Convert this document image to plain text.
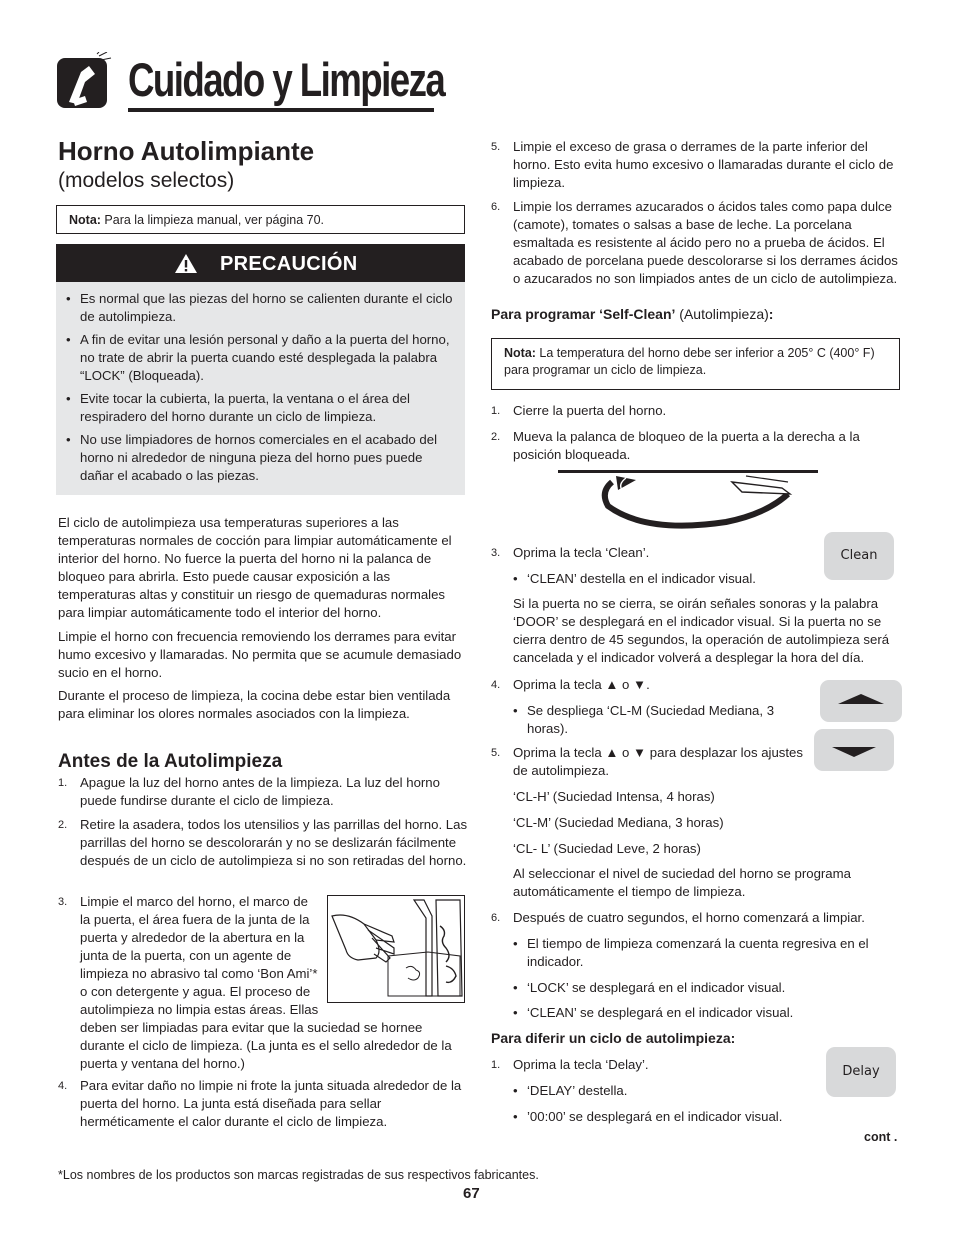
Cuidado y Limpieza
Horno Autolimpiante
(modelos selectos)
Nota: Para la limpieza manual, ver página 70.
PRECAUCIÓN
• Es normal que las piezas del horno se calienten durante el ciclo de autolimpieza.
• A fin de evitar una lesión personal y daño a la puerta del horno, no trate de abrir la puerta cuando esté desplegada la palabra “LOCK” (Bloqueada).
• Evite tocar la cubierta, la puerta, la ventana o el área del respiradero del horno durante un ciclo de limpieza.
• No use limpiadores de hornos comerciales en el acabado del horno ni alrededor de ninguna pieza del horno pues puede dañar el acabado o las piezas.
El ciclo de autolimpieza usa temperaturas superiores a las temperaturas normales de cocción para limpiar automáticamente el interior del horno. No fuerce la puerta del horno ni la palanca de bloqueo para abrirla. Esto puede causar exposición a las temperaturas altas y constituir un riesgo de quemaduras normales para limpiar automáticamente todo el interior del horno.
Limpie el horno con frecuencia removiendo los derrames para evitar humo excesivo y llamaradas. No permita que se acumule demasiado sucio en el horno.
Durante el proceso de limpieza, la cocina debe estar bien ventilada para eliminar los olores normales asociados con la limpieza.
Antes de la Autolimpieza
1. Apague la luz del horno antes de la limpieza. La luz del horno puede fundirse durante el ciclo de limpieza.
2. Retire la asadera, todos los utensilios y las parrillas del horno. Las parrillas del horno se descolorarán y no se deslizarán fácilmente después de un ciclo de autolimpieza si no son retiradas del horno.
3. Limpie el marco del horno, el marco de la puerta, el área fuera de la junta de la puerta y alrededor de la abertura en la junta de la puerta, con un agente de limpieza no abrasivo tal como ‘Bon Ami’* o con detergente y agua. El proceso de autolimpieza no limpia estas áreas. Ellas deben ser limpiadas para evitar que la suciedad se hornee durante el ciclo de limpieza. (La junta es el sello alrededor de la puerta y ventana del horno.)
4. Para evitar daño no limpie ni frote la junta situada alrededor de la puerta del horno. La junta está diseñada para sellar herméticamente el calor durante el ciclo de limpieza.
5. Limpie el exceso de grasa o derrames de la parte inferior del horno. Esto evita humo excesivo o llamaradas durante el ciclo de limpieza.
6. Limpie los derrames azucarados o ácidos tales como papa dulce (camote), tomates o salsas a base de leche. La porcelana esmaltada es resistente al ácido pero no a prueba de ácidos. El acabado de porcelana puede descolorarse si los derrames ácidos o azucarados no son limpiados antes de un ciclo de autolimpieza.
Para programar ‘Self-Clean’ (Autolimpieza):
Nota: La temperatura del horno debe ser inferior a 205° C (400° F) para programar un ciclo de limpieza.
1. Cierre la puerta del horno.
2. Mueva la palanca de bloqueo de la puerta a la derecha a la posición bloqueada.
3. Oprima la tecla ‘Clean’.
• ‘CLEAN’ destella en el indicador visual.
Si la puerta no se cierra, se oirán señales sonoras y la palabra ‘DOOR’ se desplegará en el indicador visual. Si la puerta no se cierra dentro de 45 segundos, la operación de autolimpieza será cancelada y el indicador volverá a desplegar la hora del día.
4. Oprima la tecla ▲ o ▼.
• Se despliega ‘CL-M (Suciedad Mediana, 3 horas).
5. Oprima la tecla ▲ o ▼ para desplazar los ajustes de autolimpieza.
‘CL-H’ (Suciedad Intensa, 4 horas)
‘CL-M’ (Suciedad Mediana, 3 horas)
‘CL- L’ (Suciedad Leve, 2 horas)
Al seleccionar el nivel de suciedad del horno se programa automáticamente el tiempo de limpieza.
6. Después de cuatro segundos, el horno comenzará a limpiar.
• El tiempo de limpieza comenzará la cuenta regresiva en el indicador.
• ‘LOCK’ se desplegará en el indicador visual.
• ‘CLEAN’ se desplegará en el indicador visual.
Para diferir un ciclo de autolimpieza:
1. Oprima la tecla ‘Delay’.
• ‘DELAY’ destella.
• ’00:00’ se desplegará en el indicador visual.
cont .
Clean
Delay
*Los nombres de los productos son marcas registradas de sus respectivos fabricantes.
67
